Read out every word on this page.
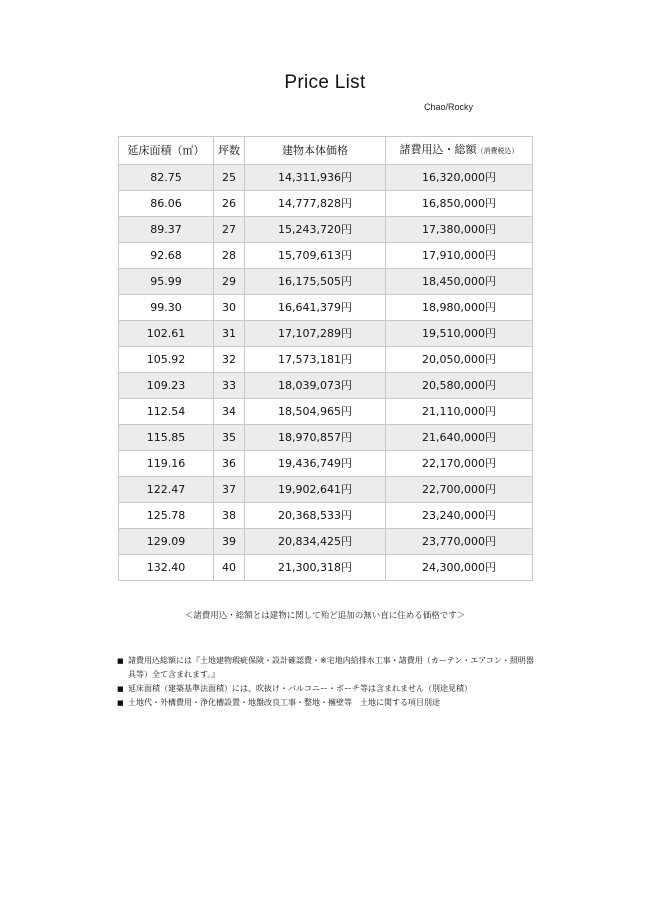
Price List
Chao/Rocky
延床面積（㎡）	坪数	建物本体価格	諸費用込・総額（消費税込）
82.75	25	14,311,936円	16,320,000円
86.06	26	14,777,828円	16,850,000円
89.37	27	15,243,720円	17,380,000円
92.68	28	15,709,613円	17,910,000円
95.99	29	16,175,505円	18,450,000円
99.30	30	16,641,379円	18,980,000円
102.61	31	17,107,289円	19,510,000円
105.92	32	17,573,181円	20,050,000円
109.23	33	18,039,073円	20,580,000円
112.54	34	18,504,965円	21,110,000円
115.85	35	18,970,857円	21,640,000円
119.16	36	19,436,749円	22,170,000円
122.47	37	19,902,641円	22,700,000円
125.78	38	20,368,533円	23,240,000円
129.09	39	20,834,425円	23,770,000円
132.40	40	21,300,318円	24,300,000円
＜諸費用込・総額とは建物に関して殆ど追加の無い直に住める価格です＞
■ 諸費用込総額には『土地建物瑕疵保険・設計確認費・※宅地内給排水工事・諸費用（カーテン・エアコン・照明器具等）全て含まれます。』
■ 延床面積（建築基準法面積）には、吹抜け・バルコニー・ポーチ等は含まれません（別途見積）
■ 土地代・外構費用・浄化槽設置・地盤改良工事・整地・擁壁等　土地に関する項目別途
